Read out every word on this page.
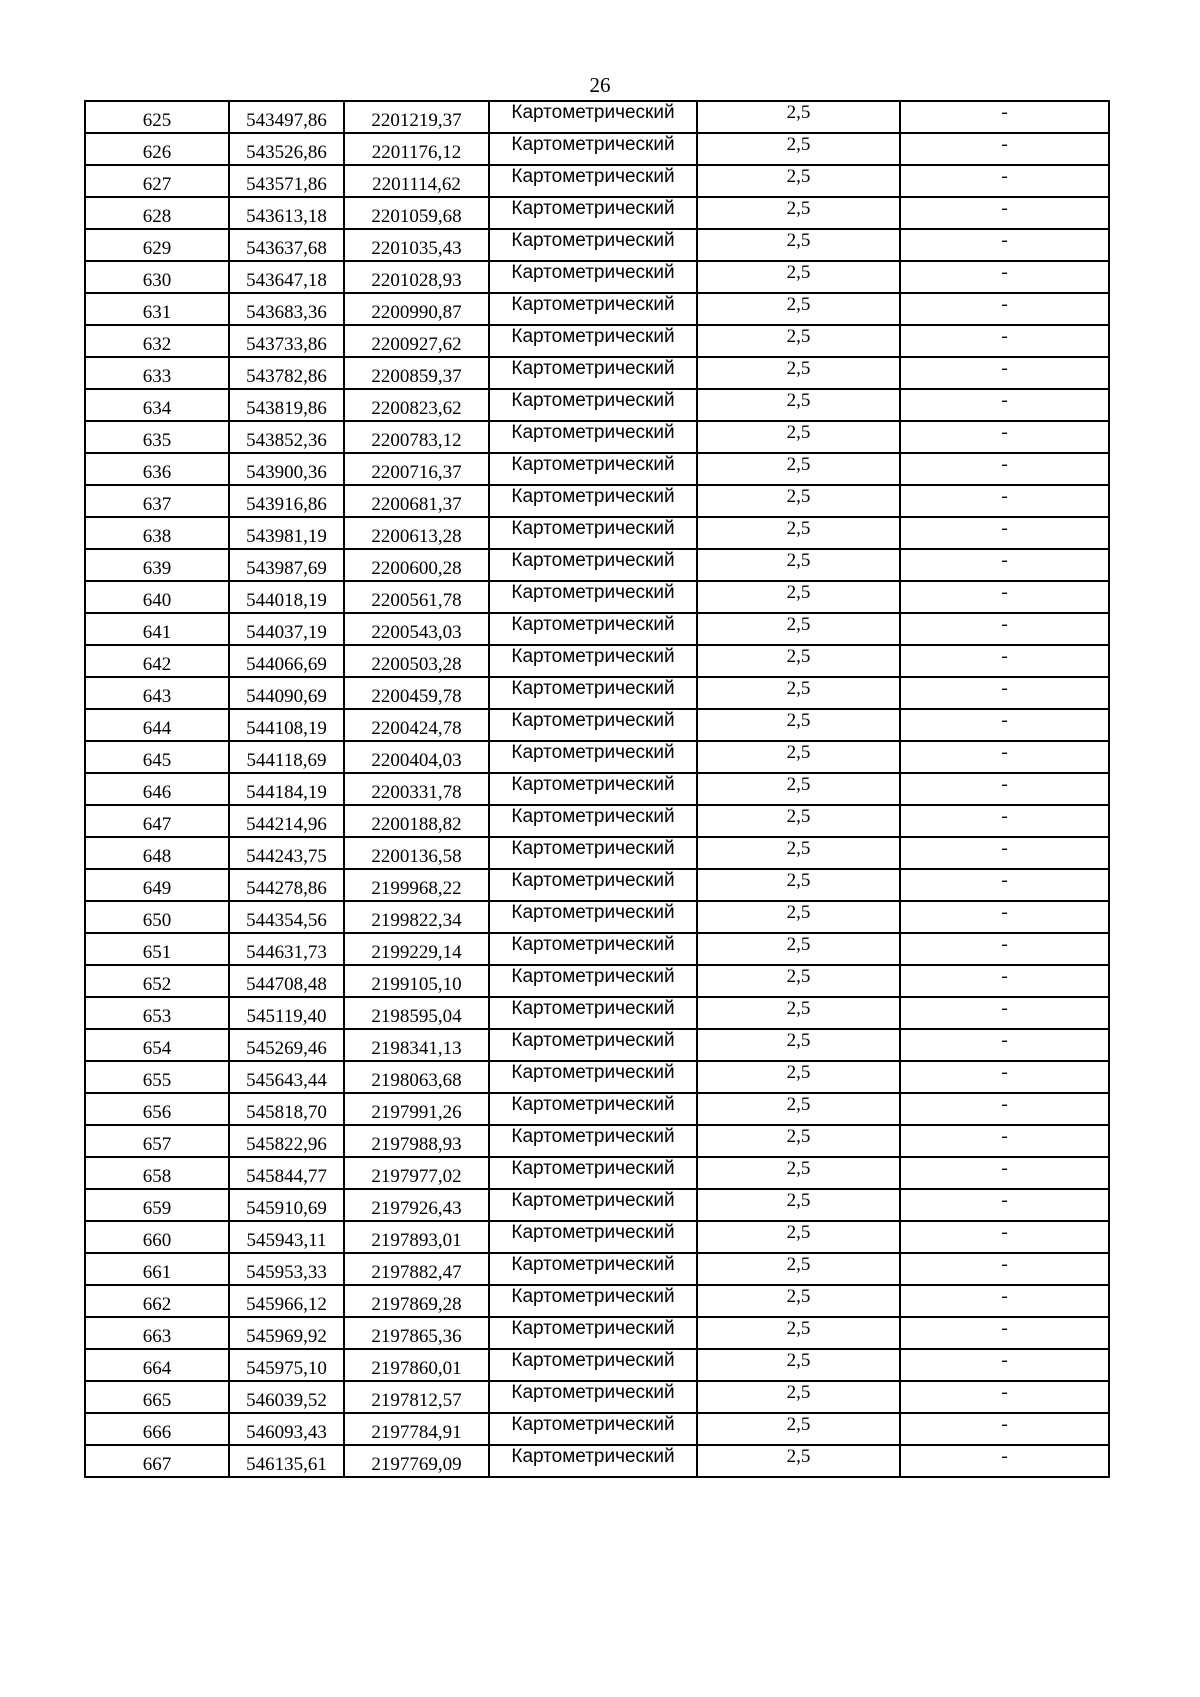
26
625	543497,86	2201219,37	Картометрический	2,5	-
626	543526,86	2201176,12	Картометрический	2,5	-
627	543571,86	2201114,62	Картометрический	2,5	-
628	543613,18	2201059,68	Картометрический	2,5	-
629	543637,68	2201035,43	Картометрический	2,5	-
630	543647,18	2201028,93	Картометрический	2,5	-
631	543683,36	2200990,87	Картометрический	2,5	-
632	543733,86	2200927,62	Картометрический	2,5	-
633	543782,86	2200859,37	Картометрический	2,5	-
634	543819,86	2200823,62	Картометрический	2,5	-
635	543852,36	2200783,12	Картометрический	2,5	-
636	543900,36	2200716,37	Картометрический	2,5	-
637	543916,86	2200681,37	Картометрический	2,5	-
638	543981,19	2200613,28	Картометрический	2,5	-
639	543987,69	2200600,28	Картометрический	2,5	-
640	544018,19	2200561,78	Картометрический	2,5	-
641	544037,19	2200543,03	Картометрический	2,5	-
642	544066,69	2200503,28	Картометрический	2,5	-
643	544090,69	2200459,78	Картометрический	2,5	-
644	544108,19	2200424,78	Картометрический	2,5	-
645	544118,69	2200404,03	Картометрический	2,5	-
646	544184,19	2200331,78	Картометрический	2,5	-
647	544214,96	2200188,82	Картометрический	2,5	-
648	544243,75	2200136,58	Картометрический	2,5	-
649	544278,86	2199968,22	Картометрический	2,5	-
650	544354,56	2199822,34	Картометрический	2,5	-
651	544631,73	2199229,14	Картометрический	2,5	-
652	544708,48	2199105,10	Картометрический	2,5	-
653	545119,40	2198595,04	Картометрический	2,5	-
654	545269,46	2198341,13	Картометрический	2,5	-
655	545643,44	2198063,68	Картометрический	2,5	-
656	545818,70	2197991,26	Картометрический	2,5	-
657	545822,96	2197988,93	Картометрический	2,5	-
658	545844,77	2197977,02	Картометрический	2,5	-
659	545910,69	2197926,43	Картометрический	2,5	-
660	545943,11	2197893,01	Картометрический	2,5	-
661	545953,33	2197882,47	Картометрический	2,5	-
662	545966,12	2197869,28	Картометрический	2,5	-
663	545969,92	2197865,36	Картометрический	2,5	-
664	545975,10	2197860,01	Картометрический	2,5	-
665	546039,52	2197812,57	Картометрический	2,5	-
666	546093,43	2197784,91	Картометрический	2,5	-
667	546135,61	2197769,09	Картометрический	2,5	-
